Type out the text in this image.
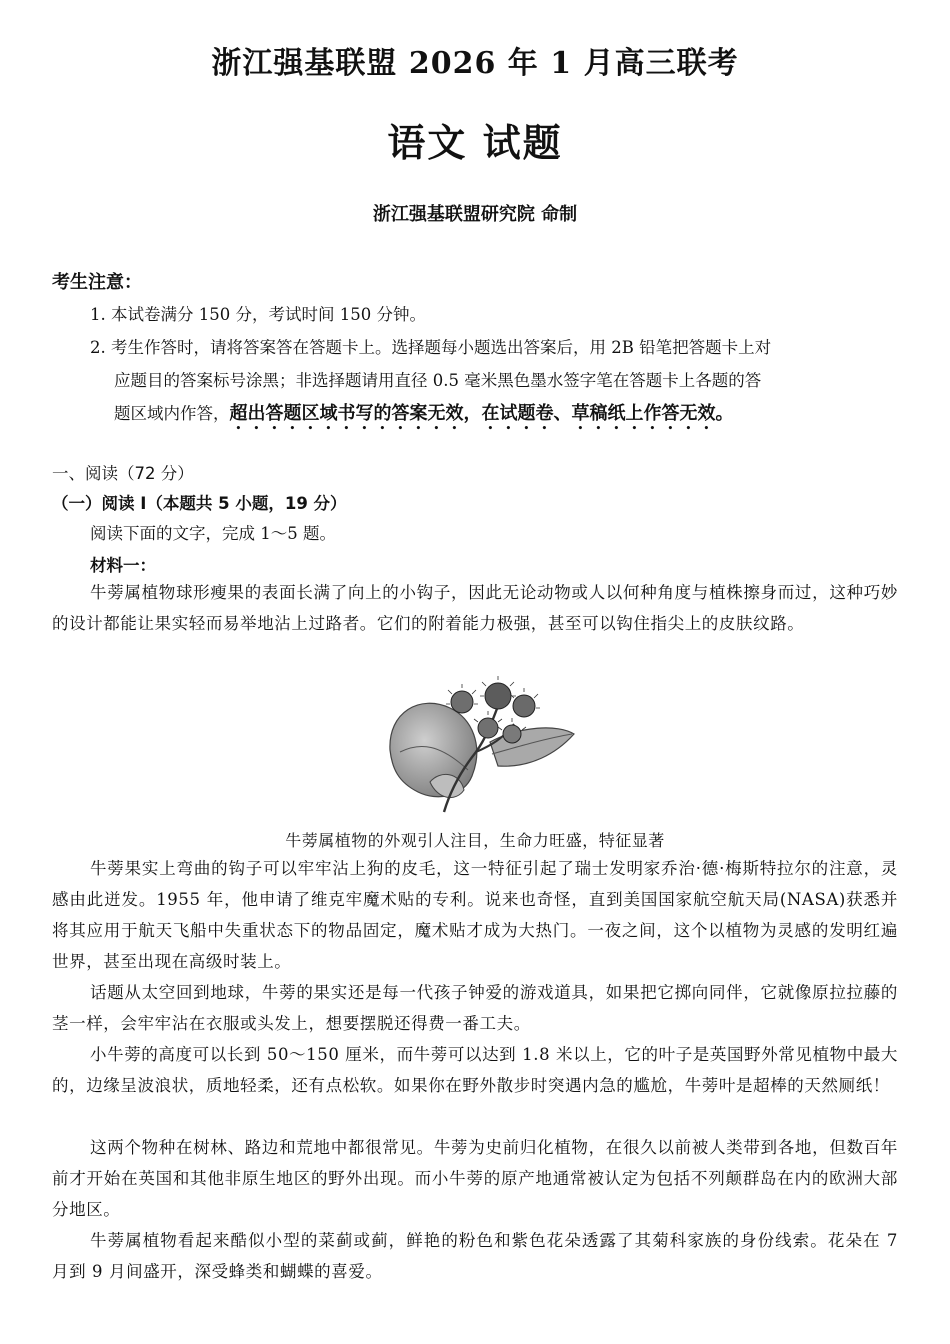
浙江强基联盟 2026 年 1 月高三联考
语文 试题
浙江强基联盟研究院 命制
考生注意：
1. 本试卷满分 150 分，考试时间 150 分钟。
2. 考生作答时，请将答案答在答题卡上。选择题每小题选出答案后，用 2B 铅笔把答题卡上对
应题目的答案标号涂黑；非选择题请用直径 0.5 毫米黑色墨水签字笔在答题卡上各题的答
题区域内作答，超出答题区域书写的答案无效，在试题卷、草稿纸上作答无效。
一、阅读（72 分）
（一）阅读 Ⅰ（本题共 5 小题，19 分）
阅读下面的文字，完成 1～5 题。
材料一：

牛蒡属植物球形瘦果的表面长满了向上的小钩子，因此无论动物或人以何种角度与植株擦身而过，这种巧妙的设计都能让果实轻而易举地沾上过路者。它们的附着能力极强，甚至可以钩住指尖上的皮肤纹路。

牛蒡属植物的外观引人注目，生命力旺盛，特征显著

牛蒡果实上弯曲的钩子可以牢牢沾上狗的皮毛，这一特征引起了瑞士发明家乔治·德·梅斯特拉尔的注意，灵感由此迸发。1955 年，他申请了维克牢魔术贴的专利。说来也奇怪，直到美国国家航空航天局(NASA)获悉并将其应用于航天飞船中失重状态下的物品固定，魔术贴才成为大热门。一夜之间，这个以植物为灵感的发明红遍世界，甚至出现在高级时装上。

话题从太空回到地球，牛蒡的果实还是每一代孩子钟爱的游戏道具，如果把它掷向同伴，它就像原拉拉藤的茎一样，会牢牢沾在衣服或头发上，想要摆脱还得费一番工夫。

小牛蒡的高度可以长到 50～150 厘米，而牛蒡可以达到 1.8 米以上，它的叶子是英国野外常见植物中最大的，边缘呈波浪状，质地轻柔，还有点松软。如果你在野外散步时突遇内急的尴尬，牛蒡叶是超棒的天然厕纸！

这两个物种在树林、路边和荒地中都很常见。牛蒡为史前归化植物，在很久以前被人类带到各地，但数百年前才开始在英国和其他非原生地区的野外出现。而小牛蒡的原产地通常被认定为包括不列颠群岛在内的欧洲大部分地区。

牛蒡属植物看起来酷似小型的菜蓟或蓟，鲜艳的粉色和紫色花朵透露了其菊科家族的身份线索。花朵在 7 月到 9 月间盛开，深受蜂类和蝴蝶的喜爱。
